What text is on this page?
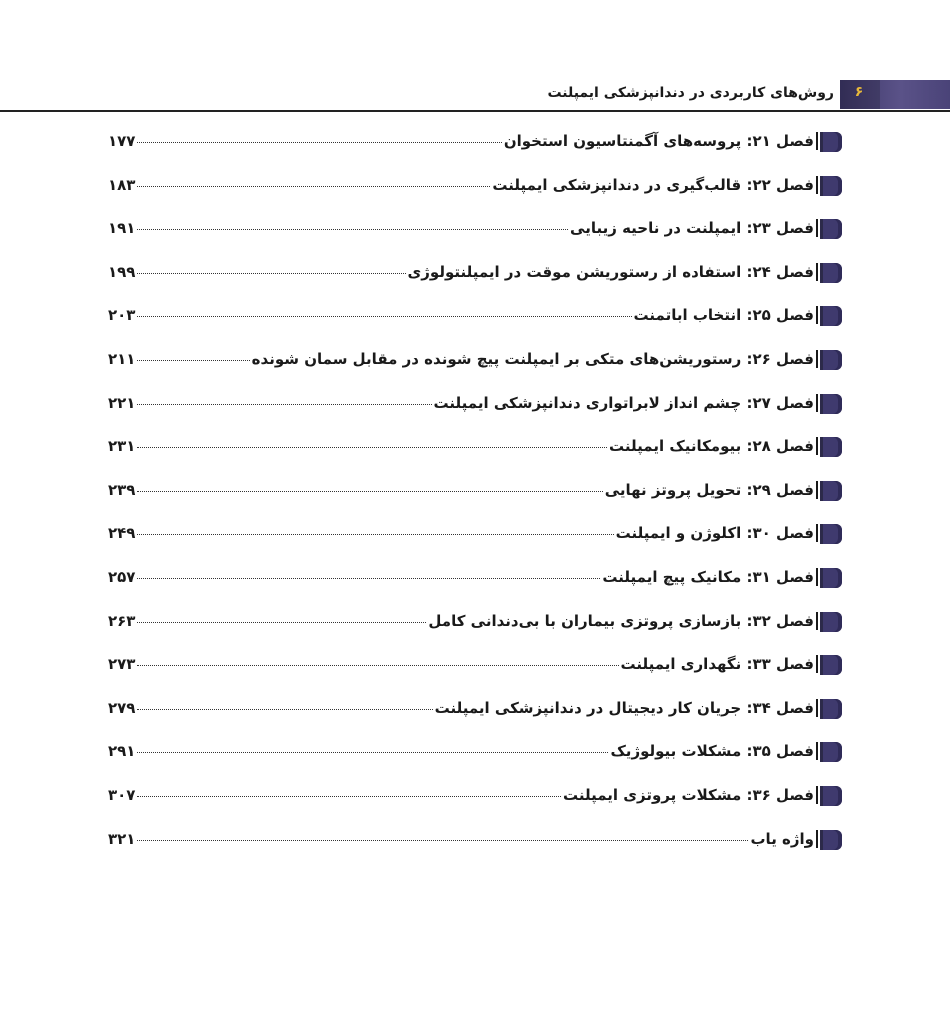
۶
روش‌های کاربردی در دندانپزشکی ایمپلنت
فصل ۲۱: پروسه‌های آگمنتاسیون استخوان
۱۷۷
فصل ۲۲: قالب‌گیری در دندانپزشکی ایمپلنت
۱۸۳
فصل ۲۳: ایمپلنت در ناحیه زیبایی
۱۹۱
فصل ۲۴: استفاده از رستوریشن موقت در ایمپلنتولوژی
۱۹۹
فصل ۲۵: انتخاب اباتمنت
۲۰۳
فصل ۲۶: رستوریشن‌های متکی بر ایمپلنت پیچ شونده در مقابل سمان شونده
۲۱۱
فصل ۲۷: چشم انداز لابراتواری دندانپزشکی ایمپلنت
۲۲۱
فصل ۲۸: بیومکانیک ایمپلنت
۲۳۱
فصل ۲۹: تحویل پروتز نهایی
۲۳۹
فصل ۳۰: اکلوژن و ایمپلنت
۲۴۹
فصل ۳۱: مکانیک پیچ ایمپلنت
۲۵۷
فصل ۳۲: بازسازی پروتزی بیماران با بی‌دندانی کامل
۲۶۳
فصل ۳۳: نگهداری ایمپلنت
۲۷۳
فصل ۳۴: جریان کار دیجیتال در دندانپزشکی ایمپلنت
۲۷۹
فصل ۳۵: مشکلات بیولوژیک
۲۹۱
فصل ۳۶: مشکلات پروتزی ایمپلنت
۳۰۷
واژه یاب
۳۲۱
